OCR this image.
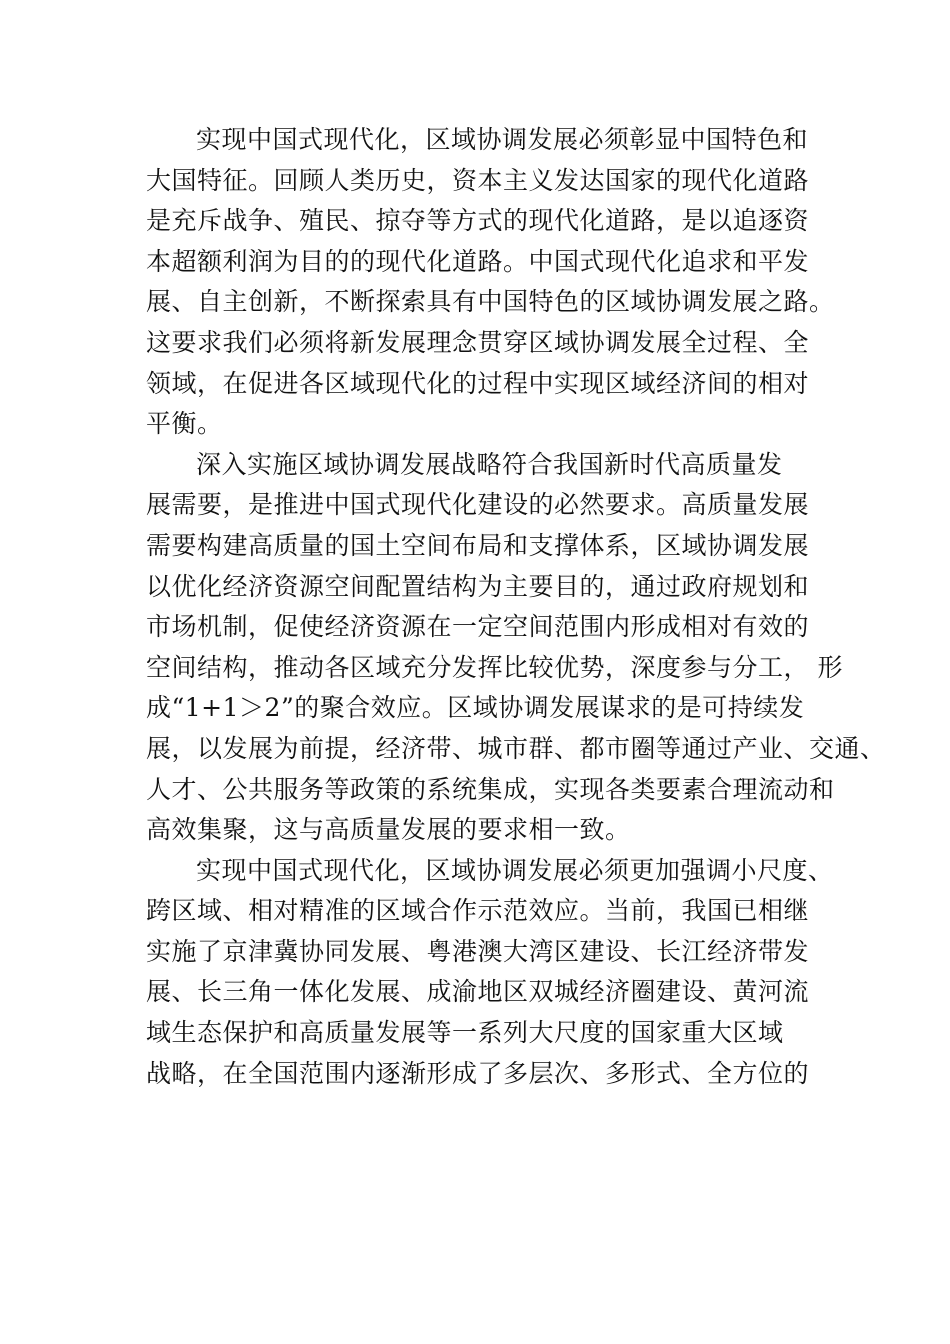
实现中国式现代化，区域协调发展必须彰显中国特色和
大国特征。回顾人类历史，资本主义发达国家的现代化道路
是充斥战争、殖民、掠夺等方式的现代化道路，是以追逐资
本超额利润为目的的现代化道路。中国式现代化追求和平发
展、自主创新，不断探索具有中国特色的区域协调发展之路。
这要求我们必须将新发展理念贯穿区域协调发展全过程、全
领域，在促进各区域现代化的过程中实现区域经济间的相对
平衡。
深入实施区域协调发展战略符合我国新时代高质量发
展需要，是推进中国式现代化建设的必然要求。高质量发展
需要构建高质量的国土空间布局和支撑体系，区域协调发展
以优化经济资源空间配置结构为主要目的，通过政府规划和
市场机制，促使经济资源在一定空间范围内形成相对有效的
空间结构，推动各区域充分发挥比较优势，深度参与分工， 形
成“1+1＞2”的聚合效应。区域协调发展谋求的是可持续发
展，以发展为前提，经济带、城市群、都市圈等通过产业、交通、
人才、公共服务等政策的系统集成，实现各类要素合理流动和
高效集聚，这与高质量发展的要求相一致。
实现中国式现代化，区域协调发展必须更加强调小尺度、
跨区域、相对精准的区域合作示范效应。当前，我国已相继
实施了京津冀协同发展、粤港澳大湾区建设、长江经济带发
展、长三角一体化发展、成渝地区双城经济圈建设、黄河流
域生态保护和高质量发展等一系列大尺度的国家重大区域
战略，在全国范围内逐渐形成了多层次、多形式、全方位的
